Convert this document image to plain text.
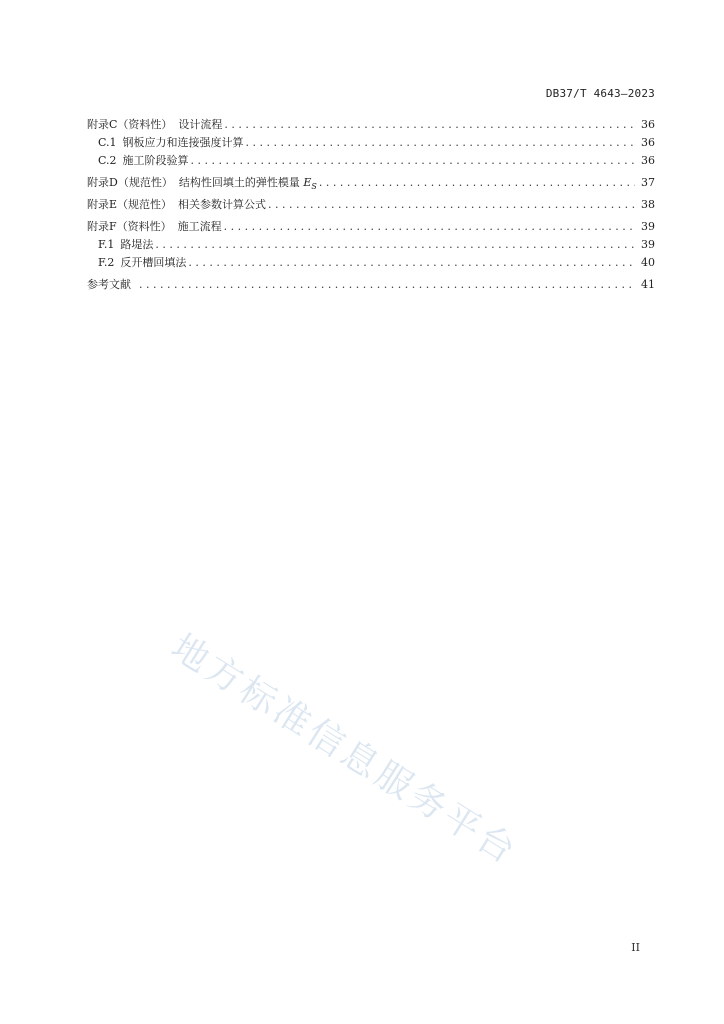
DB37/T 4643—2023
附录C（资料性） 设计流程 . . .	36
C.1 钢板应力和连接强度计算 . . .	36
C.2 施工阶段验算 . . .	36
附录D（规范性） 结构性回填土的弹性模量 $E_S$ . . .	37
附录E（规范性） 相关参数计算公式 . . .	38
附录F（资料性） 施工流程 . . .	39
F.1 路堤法 . . .	39
F.2 反开槽回填法 . . .	40
参考文献 . . .	41
地方标准信息服务平台
II
